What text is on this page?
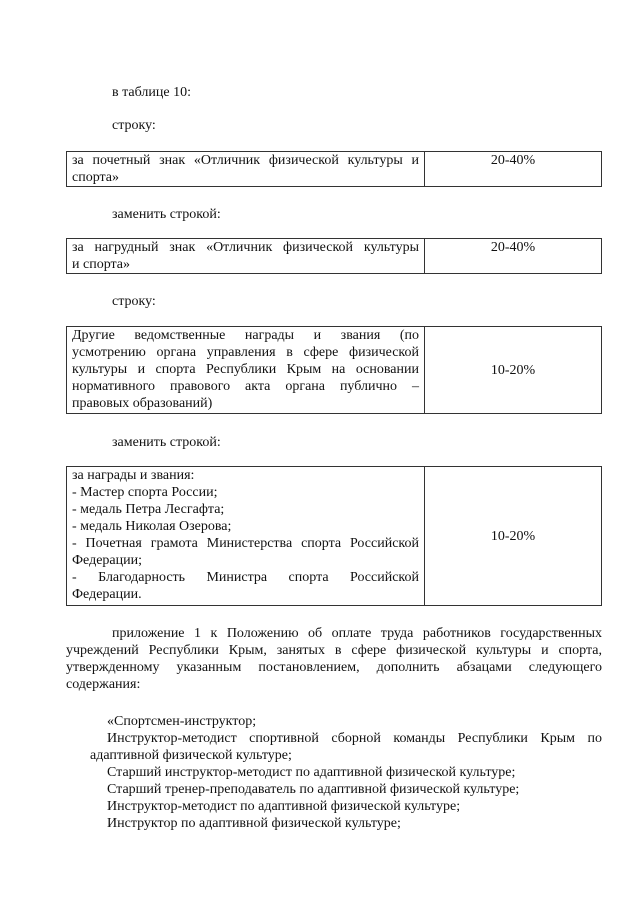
в таблице 10:
строку:
за почетный знак «Отличник физической культуры и
спорта»
	20-40%
заменить строкой:
за нагрудный знак «Отличник физической культуры
и спорта»
	20-40%
строку:
Другие ведомственные награды и звания (по
усмотрению органа управления в сфере физической
культуры и спорта Республики Крым на основании
нормативного правового акта органа публично –
правовых образований)
	10-20%
заменить строкой:
за награды и звания:
- Мастер спорта России;
- медаль Петра Лесгафта;
- медаль Николая Озерова;
- Почетная грамота Министерства спорта Российской
Федерации;
- Благодарность Министра спорта Российской
Федерации.
	10-20%
приложение 1 к Положению об оплате труда работников государственных
учреждений Республики Крым, занятых в сфере физической культуры и спорта,
утвержденному указанным постановлением, дополнить абзацами следующего
содержания:
«Спортсмен-инструктор;
Инструктор-методист спортивной сборной команды Республики Крым по
адаптивной физической культуре;
Старший инструктор-методист по адаптивной физической культуре;
Старший тренер-преподаватель по адаптивной физической культуре;
Инструктор-методист по адаптивной физической культуре;
Инструктор по адаптивной физической культуре;
